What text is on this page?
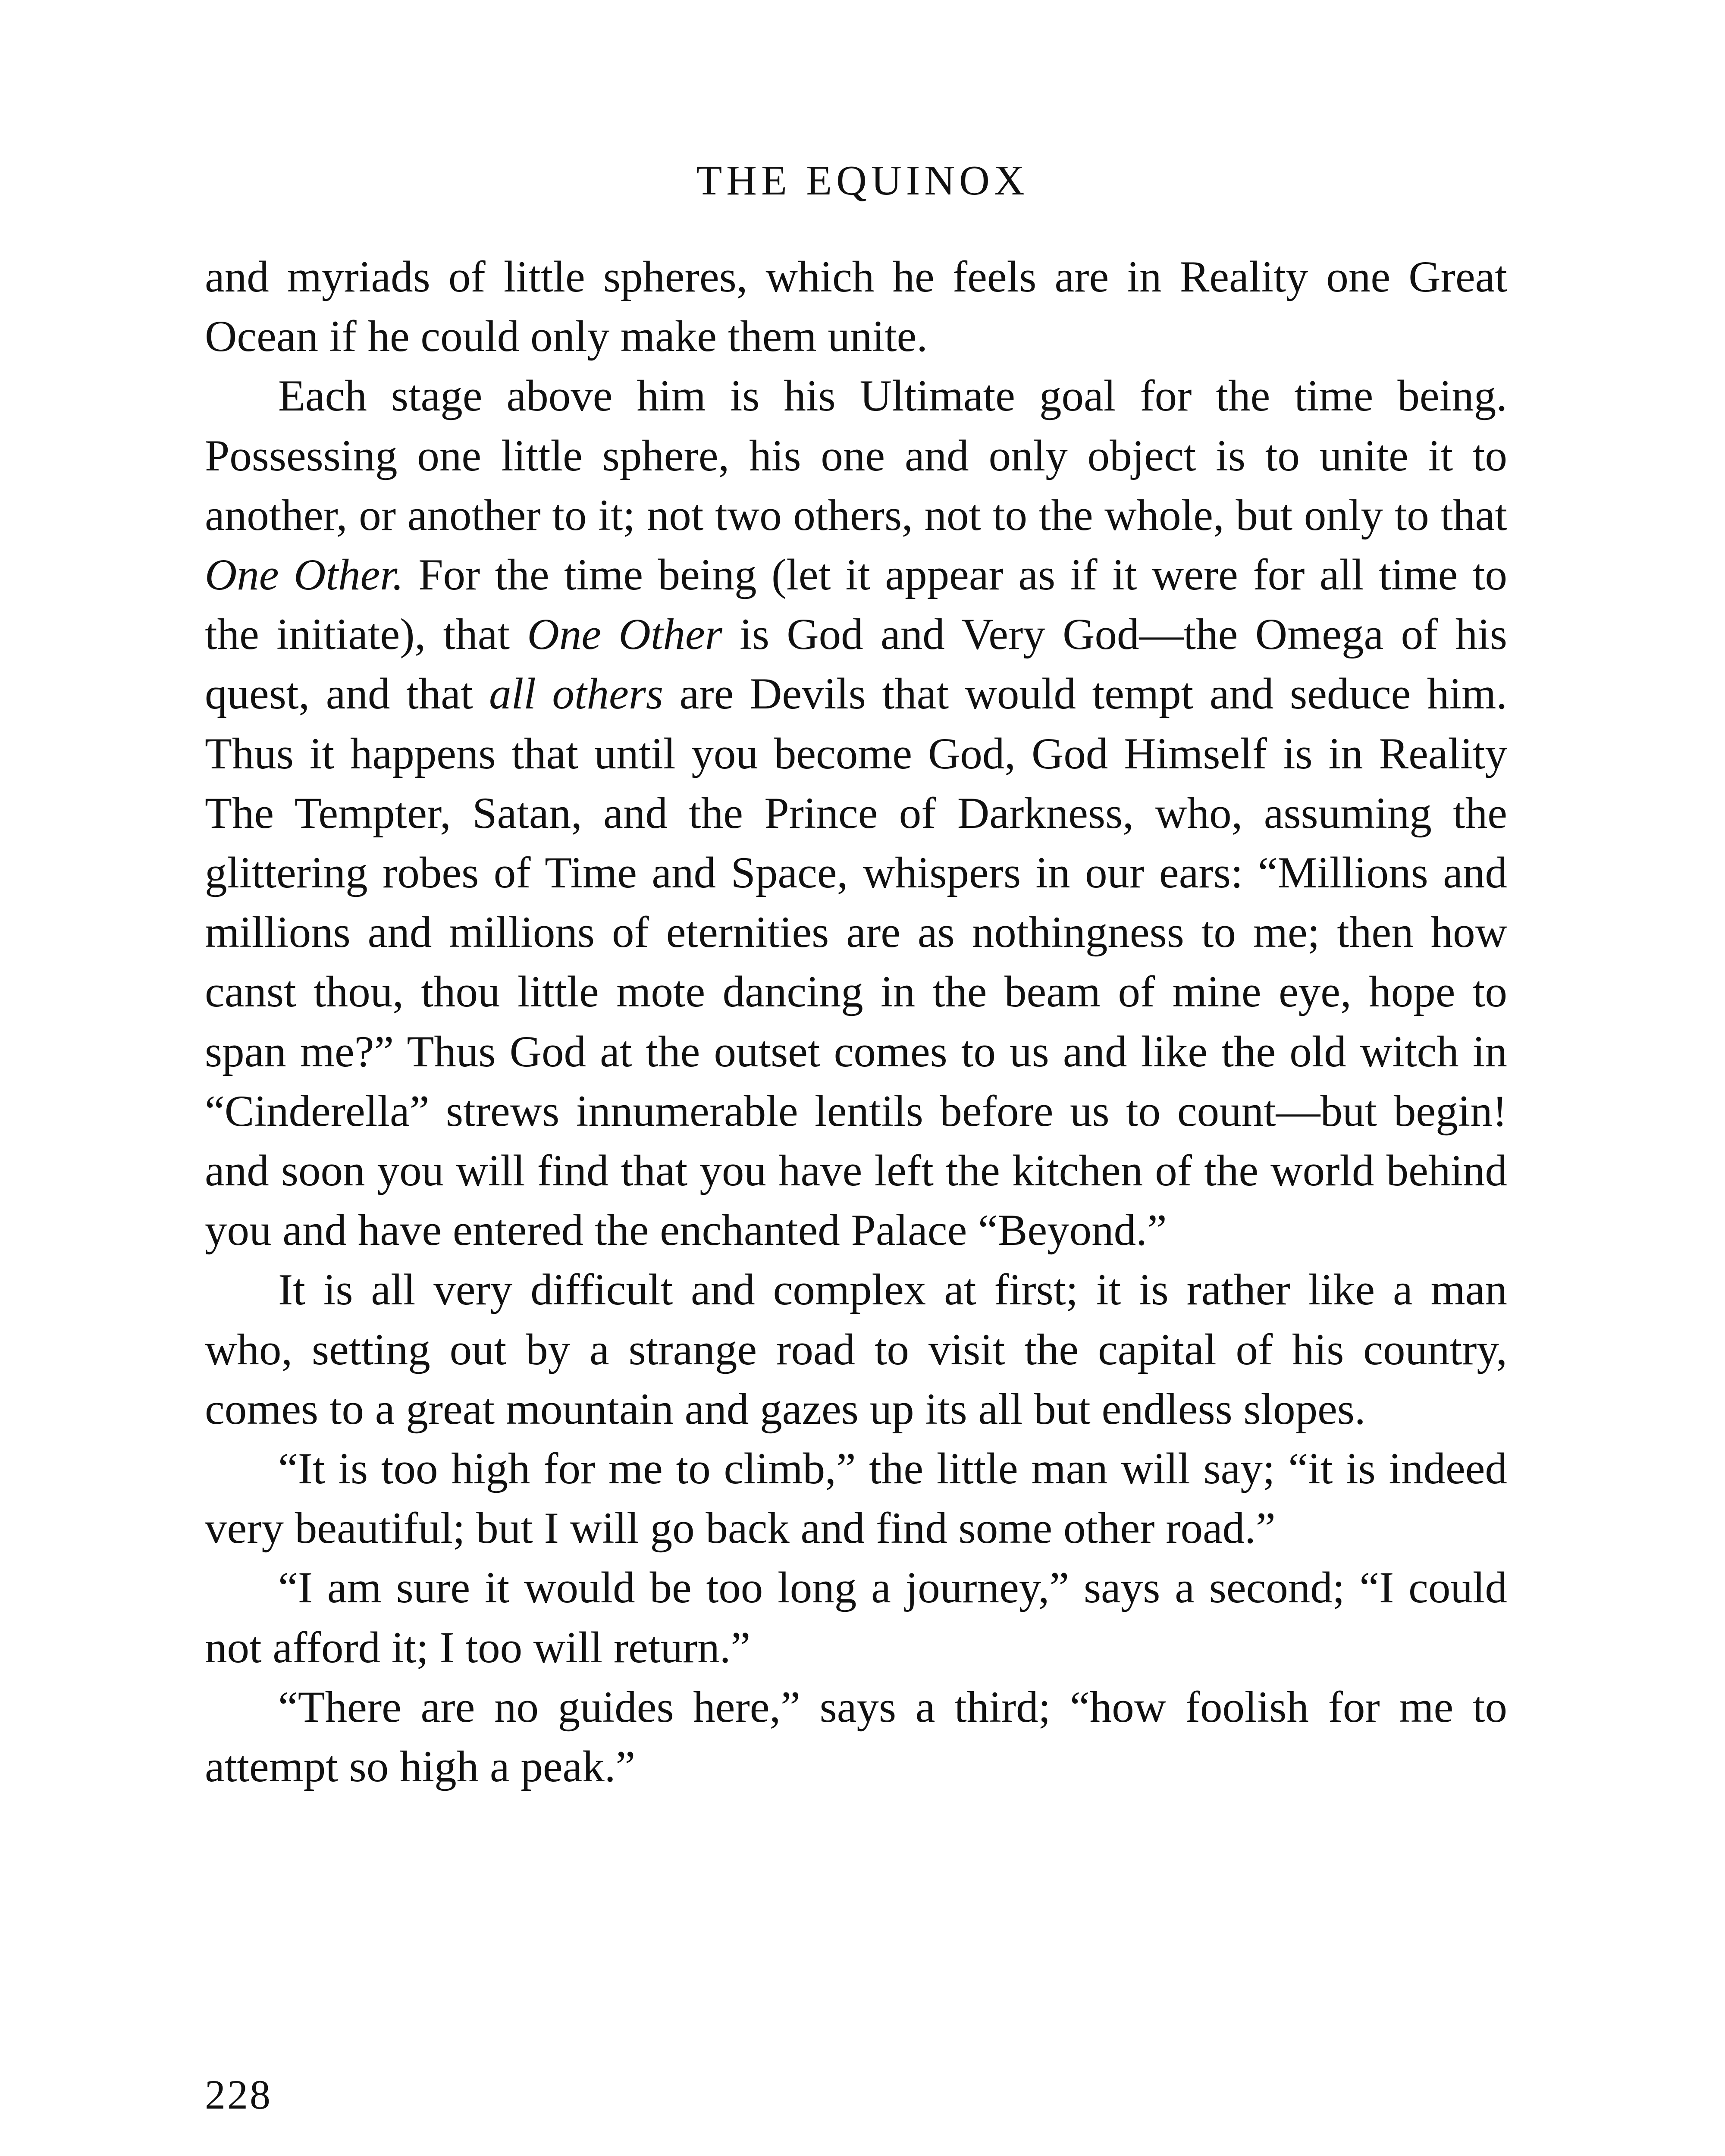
THE EQUINOX

and myriads of little spheres, which he feels are in Reality one Great Ocean if he could only make them unite.

Each stage above him is his Ultimate goal for the time being. Possessing one little sphere, his one and only object is to unite it to another, or another to it; not two others, not to the whole, but only to that One Other. For the time being (let it appear as if it were for all time to the initiate), that One Other is God and Very God—the Omega of his quest, and that all others are Devils that would tempt and seduce him. Thus it happens that until you become God, God Himself is in Reality The Tempter, Satan, and the Prince of Darkness, who, assuming the glittering robes of Time and Space, whispers in our ears: “Millions and millions and millions of eternities are as nothingness to me; then how canst thou, thou little mote dancing in the beam of mine eye, hope to span me?” Thus God at the outset comes to us and like the old witch in “Cinderella” strews innumerable lentils before us to count—but begin! and soon you will find that you have left the kitchen of the world behind you and have entered the enchanted Palace “Beyond.”

It is all very difficult and complex at first; it is rather like a man who, setting out by a strange road to visit the capital of his country, comes to a great mountain and gazes up its all but endless slopes.

“It is too high for me to climb,” the little man will say; “it is indeed very beautiful; but I will go back and find some other road.”

“I am sure it would be too long a journey,” says a second; “I could not afford it; I too will return.”

“There are no guides here,” says a third; “how foolish for me to attempt so high a peak.”

228
